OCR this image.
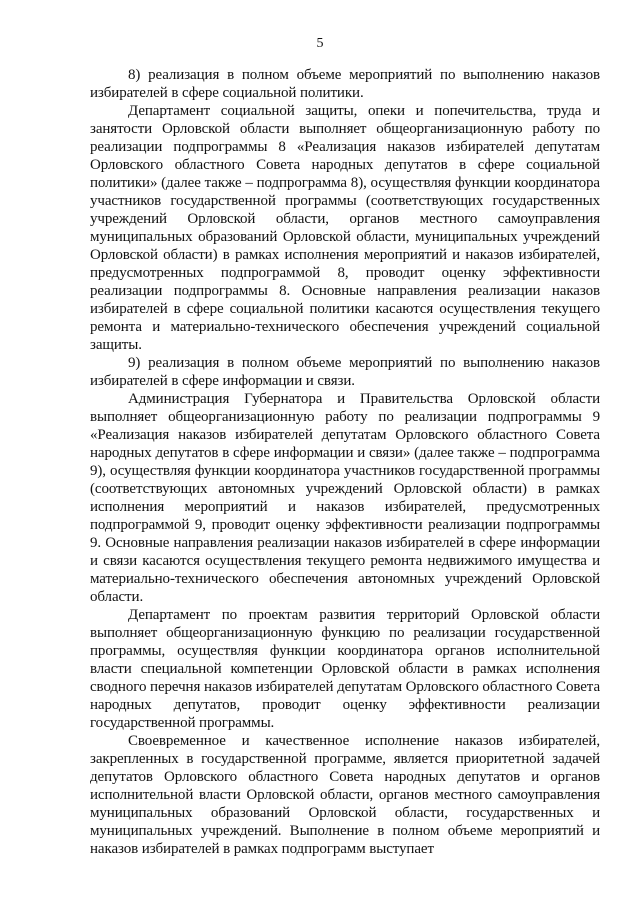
5

8) реализация в полном объеме мероприятий по выполнению наказов избирателей в сфере социальной политики.

Департамент социальной защиты, опеки и попечительства, труда и занятости Орловской области выполняет общеорганизационную работу по реализации подпрограммы 8 «Реализация наказов избирателей депутатам Орловского областного Совета народных депутатов в сфере социальной политики» (далее также – подпрограмма 8), осуществляя функции координатора участников государственной программы (соответствующих государственных учреждений Орловской области, органов местного самоуправления муниципальных образований Орловской области, муниципальных учреждений Орловской области) в рамках исполнения мероприятий и наказов избирателей, предусмотренных подпрограммой 8, проводит оценку эффективности реализации подпрограммы 8. Основные направления реализации наказов избирателей в сфере социальной политики касаются осуществления текущего ремонта и материально-технического обеспечения учреждений социальной защиты.

9) реализация в полном объеме мероприятий по выполнению наказов избирателей в сфере информации и связи.

Администрация Губернатора и Правительства Орловской области выполняет общеорганизационную работу по реализации подпрограммы 9 «Реализация наказов избирателей депутатам Орловского областного Совета народных депутатов в сфере информации и связи» (далее также – подпрограмма 9), осуществляя функции координатора участников государственной программы (соответствующих автономных учреждений Орловской области) в рамках исполнения мероприятий и наказов избирателей, предусмотренных подпрограммой 9, проводит оценку эффективности реализации подпрограммы 9. Основные направления реализации наказов избирателей в сфере информации и связи касаются осуществления текущего ремонта недвижимого имущества и материально-технического обеспечения автономных учреждений Орловской области.

Департамент по проектам развития территорий Орловской области выполняет общеорганизационную функцию по реализации государственной программы, осуществляя функции координатора органов исполнительной власти специальной компетенции Орловской области в рамках исполнения сводного перечня наказов избирателей депутатам Орловского областного Совета народных депутатов, проводит оценку эффективности реализации государственной программы.

Своевременное и качественное исполнение наказов избирателей, закрепленных в государственной программе, является приоритетной задачей депутатов Орловского областного Совета народных депутатов и органов исполнительной власти Орловской области, органов местного самоуправления муниципальных образований Орловской области, государственных и муниципальных учреждений. Выполнение в полном объеме мероприятий и наказов избирателей в рамках подпрограмм выступает
